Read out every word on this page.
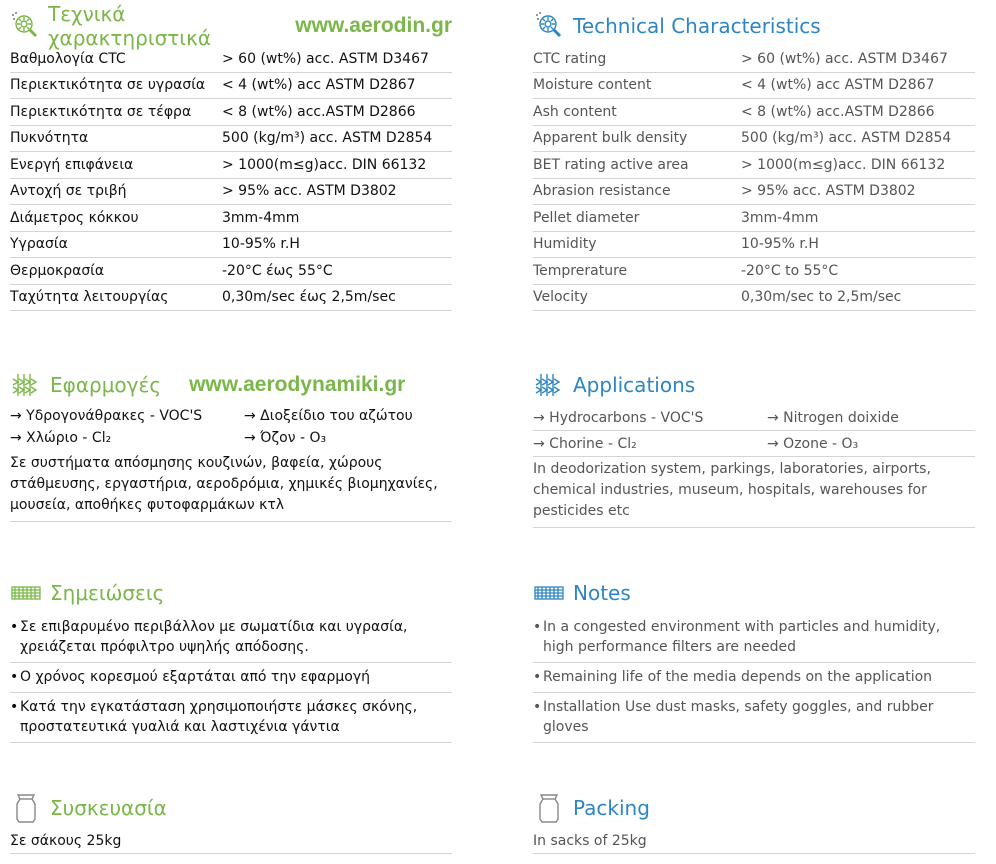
Τεχνικά χαρακτηριστικά
www.aerodin.gr
Βαθμολογία CTC	> 60 (wt%) acc. ASTM D3467
Περιεκτικότητα σε υγρασία	< 4 (wt%) acc ASTM D2867
Περιεκτικότητα σε τέφρα	< 8 (wt%) acc.ASTM D2866
Πυκνότητα	500 (kg/m³) acc. ASTM D2854
Ενεργή επιφάνεια	> 1000(m≤g)acc. DIN 66132
Αντοχή σε τριβή	> 95% acc. ASTM D3802
Διάμετρος κόκκου	3mm-4mm
Υγρασία	10-95% r.H
Θερμοκρασία	-20°C έως 55°C
Ταχύτητα λειτουργίας	0,30m/sec έως 2,5m/sec
Εφαρμογές www.aerodynamiki.gr
→ Υδρογονάθρακες - VOC'S	→ Διοξείδιο του αζώτου
→ Χλώριο - Cl₂	→ Όζον - O₃
Σε συστήματα απόσμησης κουζινών, βαφεία, χώρους στάθμευσης, εργαστήρια, αεροδρόμια, χημικές βιομηχανίες, μουσεία, αποθήκες φυτοφαρμάκων κτλ
Σημειώσεις
• Σε επιβαρυμένο περιβάλλον με σωματίδια και υγρασία, χρειάζεται πρόφιλτρο υψηλής απόδοσης.
• Ο χρόνος κορεσμού εξαρτάται από την εφαρμογή
• Κατά την εγκατάσταση χρησιμοποιήστε μάσκες σκόνης, προστατευτικά γυαλιά και λαστιχένια γάντια
Συσκευασία
Σε σάκους 25kg
Technical Characteristics
CTC rating	> 60 (wt%) acc. ASTM D3467
Moisture content	< 4 (wt%) acc ASTM D2867
Ash content	< 8 (wt%) acc.ASTM D2866
Apparent bulk density	500 (kg/m³) acc. ASTM D2854
BET rating active area	> 1000(m≤g)acc. DIN 66132
Abrasion resistance	> 95% acc. ASTM D3802
Pellet diameter	3mm-4mm
Humidity	10-95% r.H
Temprerature	-20°C to 55°C
Velocity	0,30m/sec to 2,5m/sec
Applications
→ Hydrocarbons - VOC'S	→ Nitrogen doixide
→ Chorine - Cl₂	→ Ozone - O₃
In deodorization system, parkings, laboratories, airports, chemical industries, museum, hospitals, warehouses for pesticides etc
Notes
• In a congested environment with particles and humidity, high performance filters are needed
• Remaining life of the media depends on the application
• Installation Use dust masks, safety goggles, and rubber gloves
Packing
In sacks of 25kg
